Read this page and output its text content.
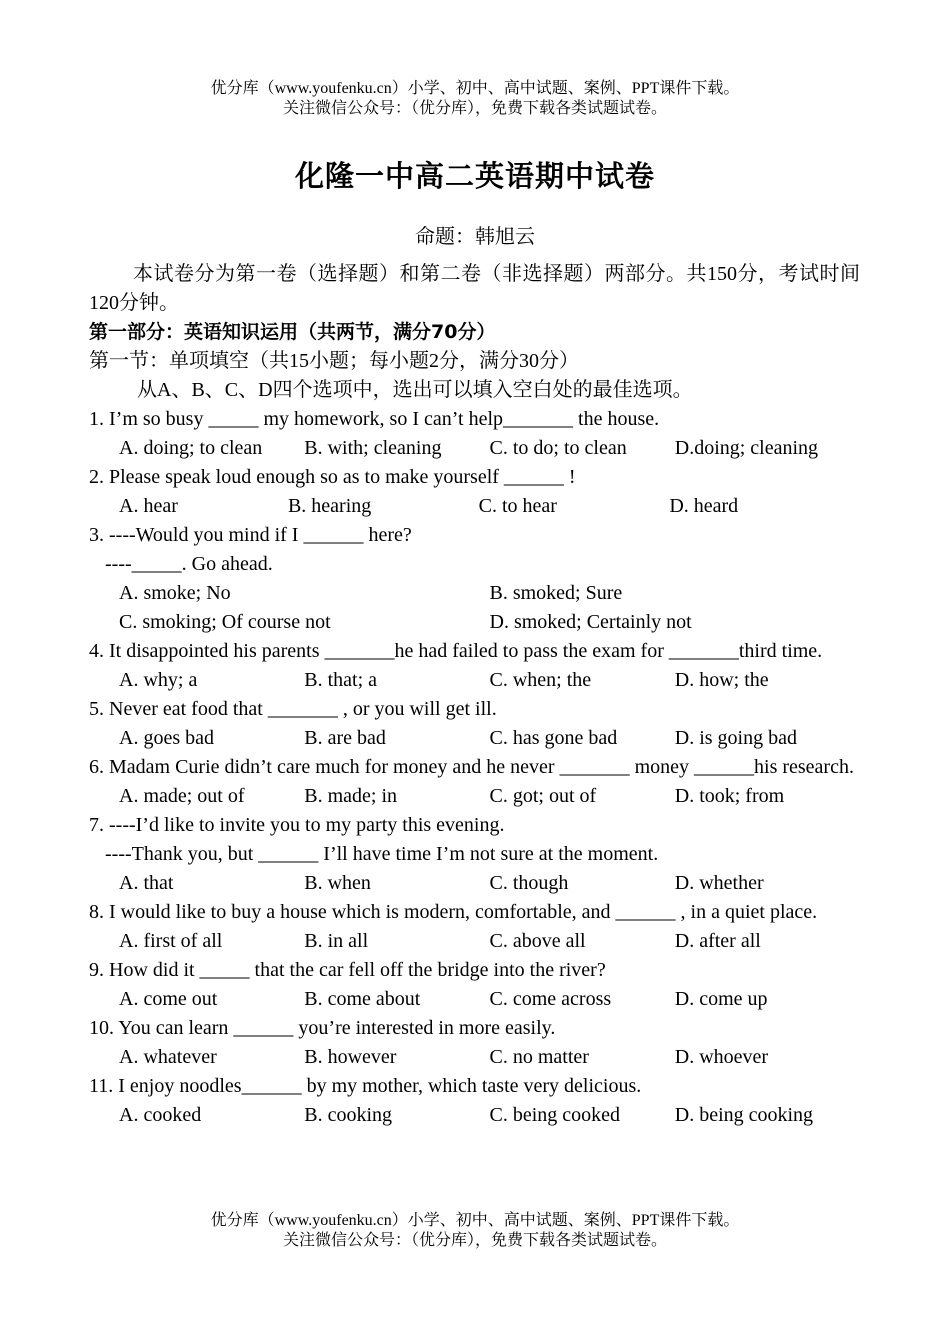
优分库（www.youfenku.cn）小学、初中、高中试题、案例、PPT课件下载。
关注微信公众号：（优分库），免费下载各类试题试卷。
化隆一中高二英语期中试卷
命题：韩旭云

本试卷分为第一卷（选择题）和第二卷（非选择题）两部分。共150分，考试时间120分钟。

第一部分：英语知识运用（共两节，满分70分）

第一节：单项填空（共15小题；每小题2分，满分30分）

从A、B、C、D四个选项中，选出可以填入空白处的最佳选项。

1. I’m so busy _____ my homework, so I can’t help_______ the house.

A. doing; to clean	B. with; cleaning	C. to do; to clean	D.doing; cleaning

2. Please speak loud enough so as to make yourself ______ !

A. hear	B. hearing	C. to hear	D. heard

3. ----Would you mind if I ______ here?

----_____. Go ahead.

A. smoke; No	B. smoked; Sure
C. smoking; Of course not	D. smoked; Certainly not

4. It disappointed his parents _______he had failed to pass the exam for _______third time.

A. why; a	B. that; a	C. when; the	D. how; the

5. Never eat food that _______ , or you will get ill.

A. goes bad	B. are bad	C. has gone bad	D. is going bad

6. Madam Curie didn’t care much for money and he never _______ money ______his research.

A. made; out of	B. made; in	C. got; out of	D. took; from

7. ----I’d like to invite you to my party this evening.

----Thank you, but ______ I’ll have time I’m not sure at the moment.

A. that	B. when	C. though	D. whether

8. I would like to buy a house which is modern, comfortable, and ______ , in a quiet place.

A. first of all	B. in all	C. above all	D. after all

9. How did it _____ that the car fell off the bridge into the river?

A. come out	B. come about	C. come across	D. come up

10. You can learn ______ you’re interested in more easily.

A. whatever	B. however	C. no matter	D. whoever

11. I enjoy noodles______ by my mother, which taste very delicious.

A. cooked	B. cooking	C. being cooked	D. being cooking
优分库（www.youfenku.cn）小学、初中、高中试题、案例、PPT课件下载。
关注微信公众号：（优分库），免费下载各类试题试卷。
